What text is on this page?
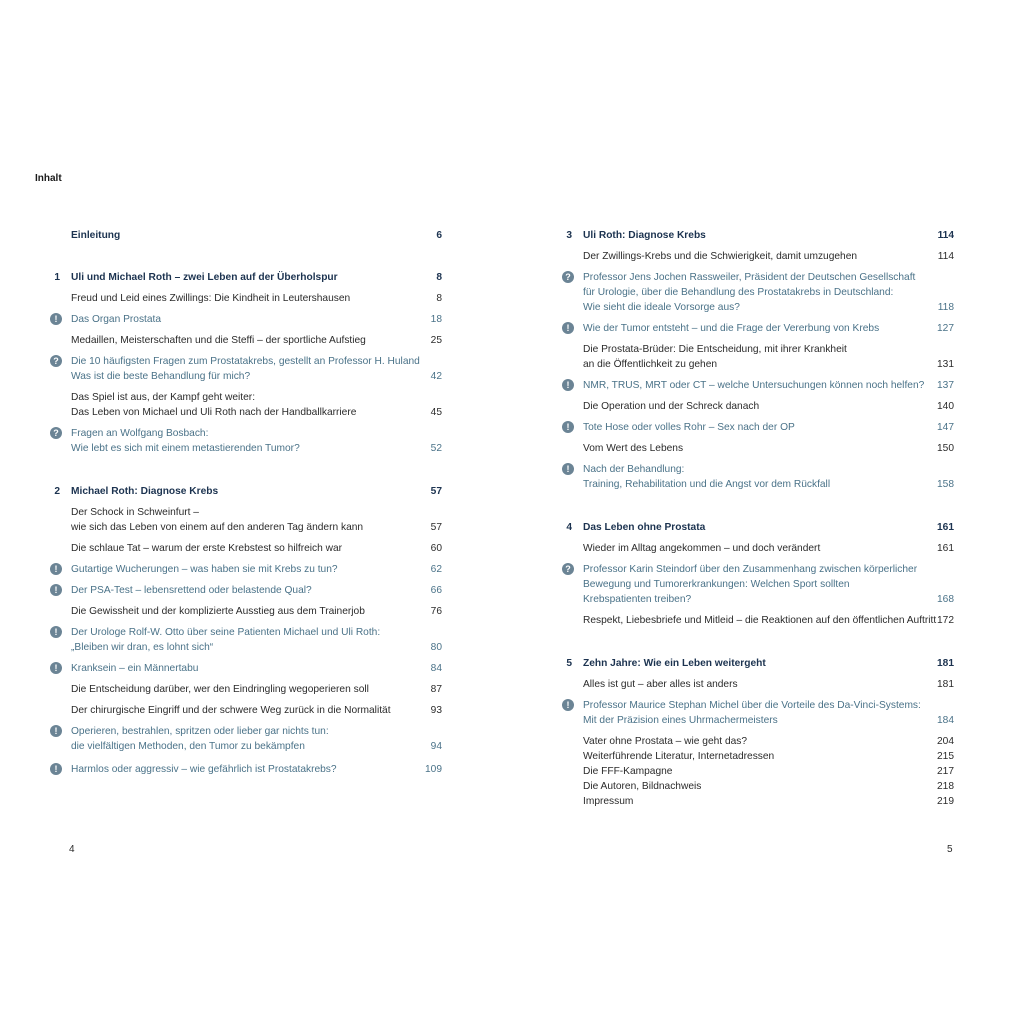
Inhalt
Einleitung	6
1 Uli und Michael Roth – zwei Leben auf der Überholspur	8
Freud und Leid eines Zwillings: Die Kindheit in Leutershausen	8
!	Das Organ Prostata	18
Medaillen, Meisterschaften und die Steffi – der sportliche Aufstieg	25
?	Die 10 häufigsten Fragen zum Prostatakrebs, gestellt an Professor H. Huland
Was ist die beste Behandlung für mich?	42
Das Spiel ist aus, der Kampf geht weiter:
Das Leben von Michael und Uli Roth nach der Handballkarriere	45
?	Fragen an Wolfgang Bosbach:
Wie lebt es sich mit einem metastierenden Tumor?	52
2 Michael Roth: Diagnose Krebs	57
Der Schock in Schweinfurt –
wie sich das Leben von einem auf den anderen Tag ändern kann	57
Die schlaue Tat – warum der erste Krebstest so hilfreich war	60
!	Gutartige Wucherungen – was haben sie mit Krebs zu tun?	62
!	Der PSA-Test – lebensrettend oder belastende Qual?	66
Die Gewissheit und der komplizierte Ausstieg aus dem Trainerjob	76
!	Der Urologe Rolf-W. Otto über seine Patienten Michael und Uli Roth:
„Bleiben wir dran, es lohnt sich“	80
!	Kranksein – ein Männertabu	84
Die Entscheidung darüber, wer den Eindringling wegoperieren soll	87
Der chirurgische Eingriff und der schwere Weg zurück in die Normalität	93
!	Operieren, bestrahlen, spritzen oder lieber gar nichts tun:
die vielfältigen Methoden, den Tumor zu bekämpfen	94
!	Harmlos oder aggressiv – wie gefährlich ist Prostatakrebs?	109
3 Uli Roth: Diagnose Krebs	114
Der Zwillings-Krebs und die Schwierigkeit, damit umzugehen	114
?	Professor Jens Jochen Rassweiler, Präsident der Deutschen Gesellschaft
für Urologie, über die Behandlung des Prostatakrebs in Deutschland:
Wie sieht die ideale Vorsorge aus?	118
!	Wie der Tumor entsteht – und die Frage der Vererbung von Krebs	127
Die Prostata-Brüder: Die Entscheidung, mit ihrer Krankheit
an die Öffentlichkeit zu gehen	131
!	NMR, TRUS, MRT oder CT – welche Untersuchungen können noch helfen? 137
Die Operation und der Schreck danach	140
!	Tote Hose oder volles Rohr – Sex nach der OP	147
Vom Wert des Lebens	150
!	Nach der Behandlung:
Training, Rehabilitation und die Angst vor dem Rückfall	158
4 Das Leben ohne Prostata	161
Wieder im Alltag angekommen – und doch verändert	161
?	Professor Karin Steindorf über den Zusammenhang zwischen körperlicher
Bewegung und Tumorerkrankungen: Welchen Sport sollten
Krebspatienten treiben?	168
Respekt, Liebesbriefe und Mitleid – die Reaktionen auf den öffentlichen Auftritt 172
5 Zehn Jahre: Wie ein Leben weitergeht	181
Alles ist gut – aber alles ist anders	181
!	Professor Maurice Stephan Michel über die Vorteile des Da-Vinci-Systems:
Mit der Präzision eines Uhrmachermeisters	184
Vater ohne Prostata – wie geht das?	204
Weiterführende Literatur, Internetadressen	215
Die FFF-Kampagne	217
Die Autoren, Bildnachweis	218
Impressum	219
4	5
